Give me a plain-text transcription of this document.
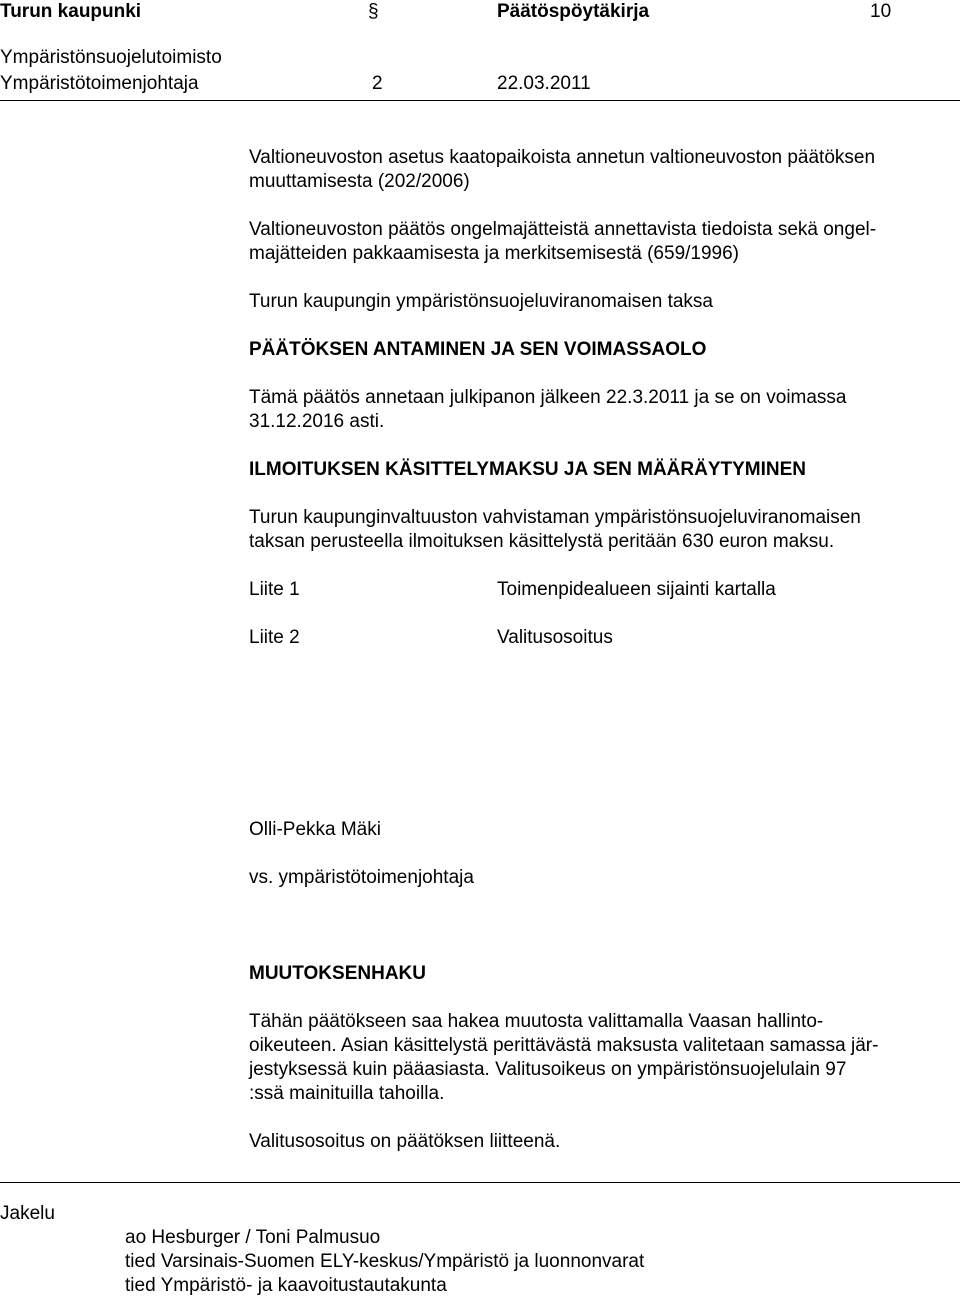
Turun kaupunki	§	Päätöspöytäkirja	10
Ympäristönsuojelutoimisto
Ympäristötoimenjohtaja	2	22.03.2011
Valtioneuvoston asetus kaatopaikoista annetun valtioneuvoston päätöksen
muuttamisesta (202/2006)
Valtioneuvoston päätös ongelmajätteistä annettavista tiedoista sekä ongel-
majätteiden pakkaamisesta ja merkitsemisestä (659/1996)
Turun kaupungin ympäristönsuojeluviranomaisen taksa
PÄÄTÖKSEN ANTAMINEN JA SEN VOIMASSAOLO
Tämä päätös annetaan julkipanon jälkeen 22.3.2011 ja se on voimassa
31.12.2016 asti.
ILMOITUKSEN KÄSITTELYMAKSU JA SEN MÄÄRÄYTYMINEN
Turun kaupunginvaltuuston vahvistaman ympäristönsuojeluviranomaisen
taksan perusteella ilmoituksen käsittelystä peritään 630 euron maksu.
Liite 1	Toimenpidealueen sijainti kartalla
Liite 2	Valitusosoitus
Olli-Pekka Mäki
vs. ympäristötoimenjohtaja
MUUTOKSENHAKU
Tähän päätökseen saa hakea muutosta valittamalla Vaasan hallinto-
oikeuteen. Asian käsittelystä perittävästä maksusta valitetaan samassa jär-
jestyksessä kuin pääasiasta. Valitusoikeus on ympäristönsuojelulain 97
:ssä mainituilla tahoilla.
Valitusosoitus on päätöksen liitteenä.
Jakelu
ao Hesburger / Toni Palmusuo
tied Varsinais-Suomen ELY-keskus/Ympäristö ja luonnonvarat
tied Ympäristö- ja kaavoitustautakunta
